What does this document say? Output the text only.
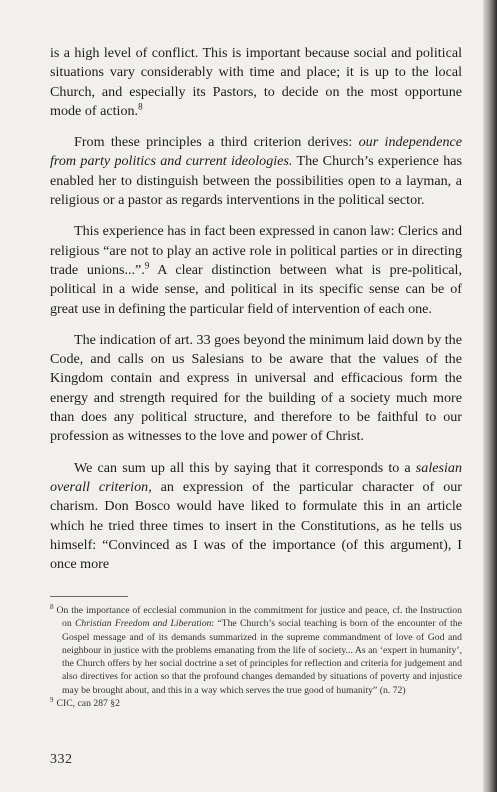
is a high level of conflict. This is important because social and political situations vary considerably with time and place; it is up to the local Church, and especially its Pastors, to decide on the most opportune mode of action.$^8$

From these principles a third criterion derives: our independence from party politics and current ideologies. The Church’s experience has enabled her to distinguish between the possibilities open to a layman, a religious or a pastor as regards interventions in the political sector.

This experience has in fact been expressed in canon law: Clerics and religious “are not to play an active role in political parties or in directing trade unions...”.$^9$ A clear distinction between what is pre-political, political in a wide sense, and political in its specific sense can be of great use in defining the particular field of intervention of each one.

The indication of art. 33 goes beyond the minimum laid down by the Code, and calls on us Salesians to be aware that the values of the Kingdom contain and express in universal and efficacious form the energy and strength required for the building of a society much more than does any political structure, and therefore to be faithful to our profession as witnesses to the love and power of Christ.

We can sum up all this by saying that it corresponds to a salesian overall criterion, an expression of the particular character of our charism. Don Bosco would have liked to formulate this in an article which he tried three times to insert in the Constitutions, as he tells us himself: “Convinced as I was of the importance (of this argument), I once more

$^8$ On the importance of ecclesial communion in the commitment for justice and peace, cf. the Instruction on Christian Freedom and Liberation: “The Church’s social teaching is born of the encounter of the Gospel message and of its demands summarized in the supreme commandment of love of God and neighbour in justice with the problems emanating from the life of society... As an ‘expert in humanity’, the Church offers by her social doctrine a set of principles for reflection and criteria for judgement and also directives for action so that the profound changes demanded by situations of poverty and injustice may be brought about, and this in a way which serves the true good of humanity” (n. 72)

$^9$ CIC, can 287 §2

332
